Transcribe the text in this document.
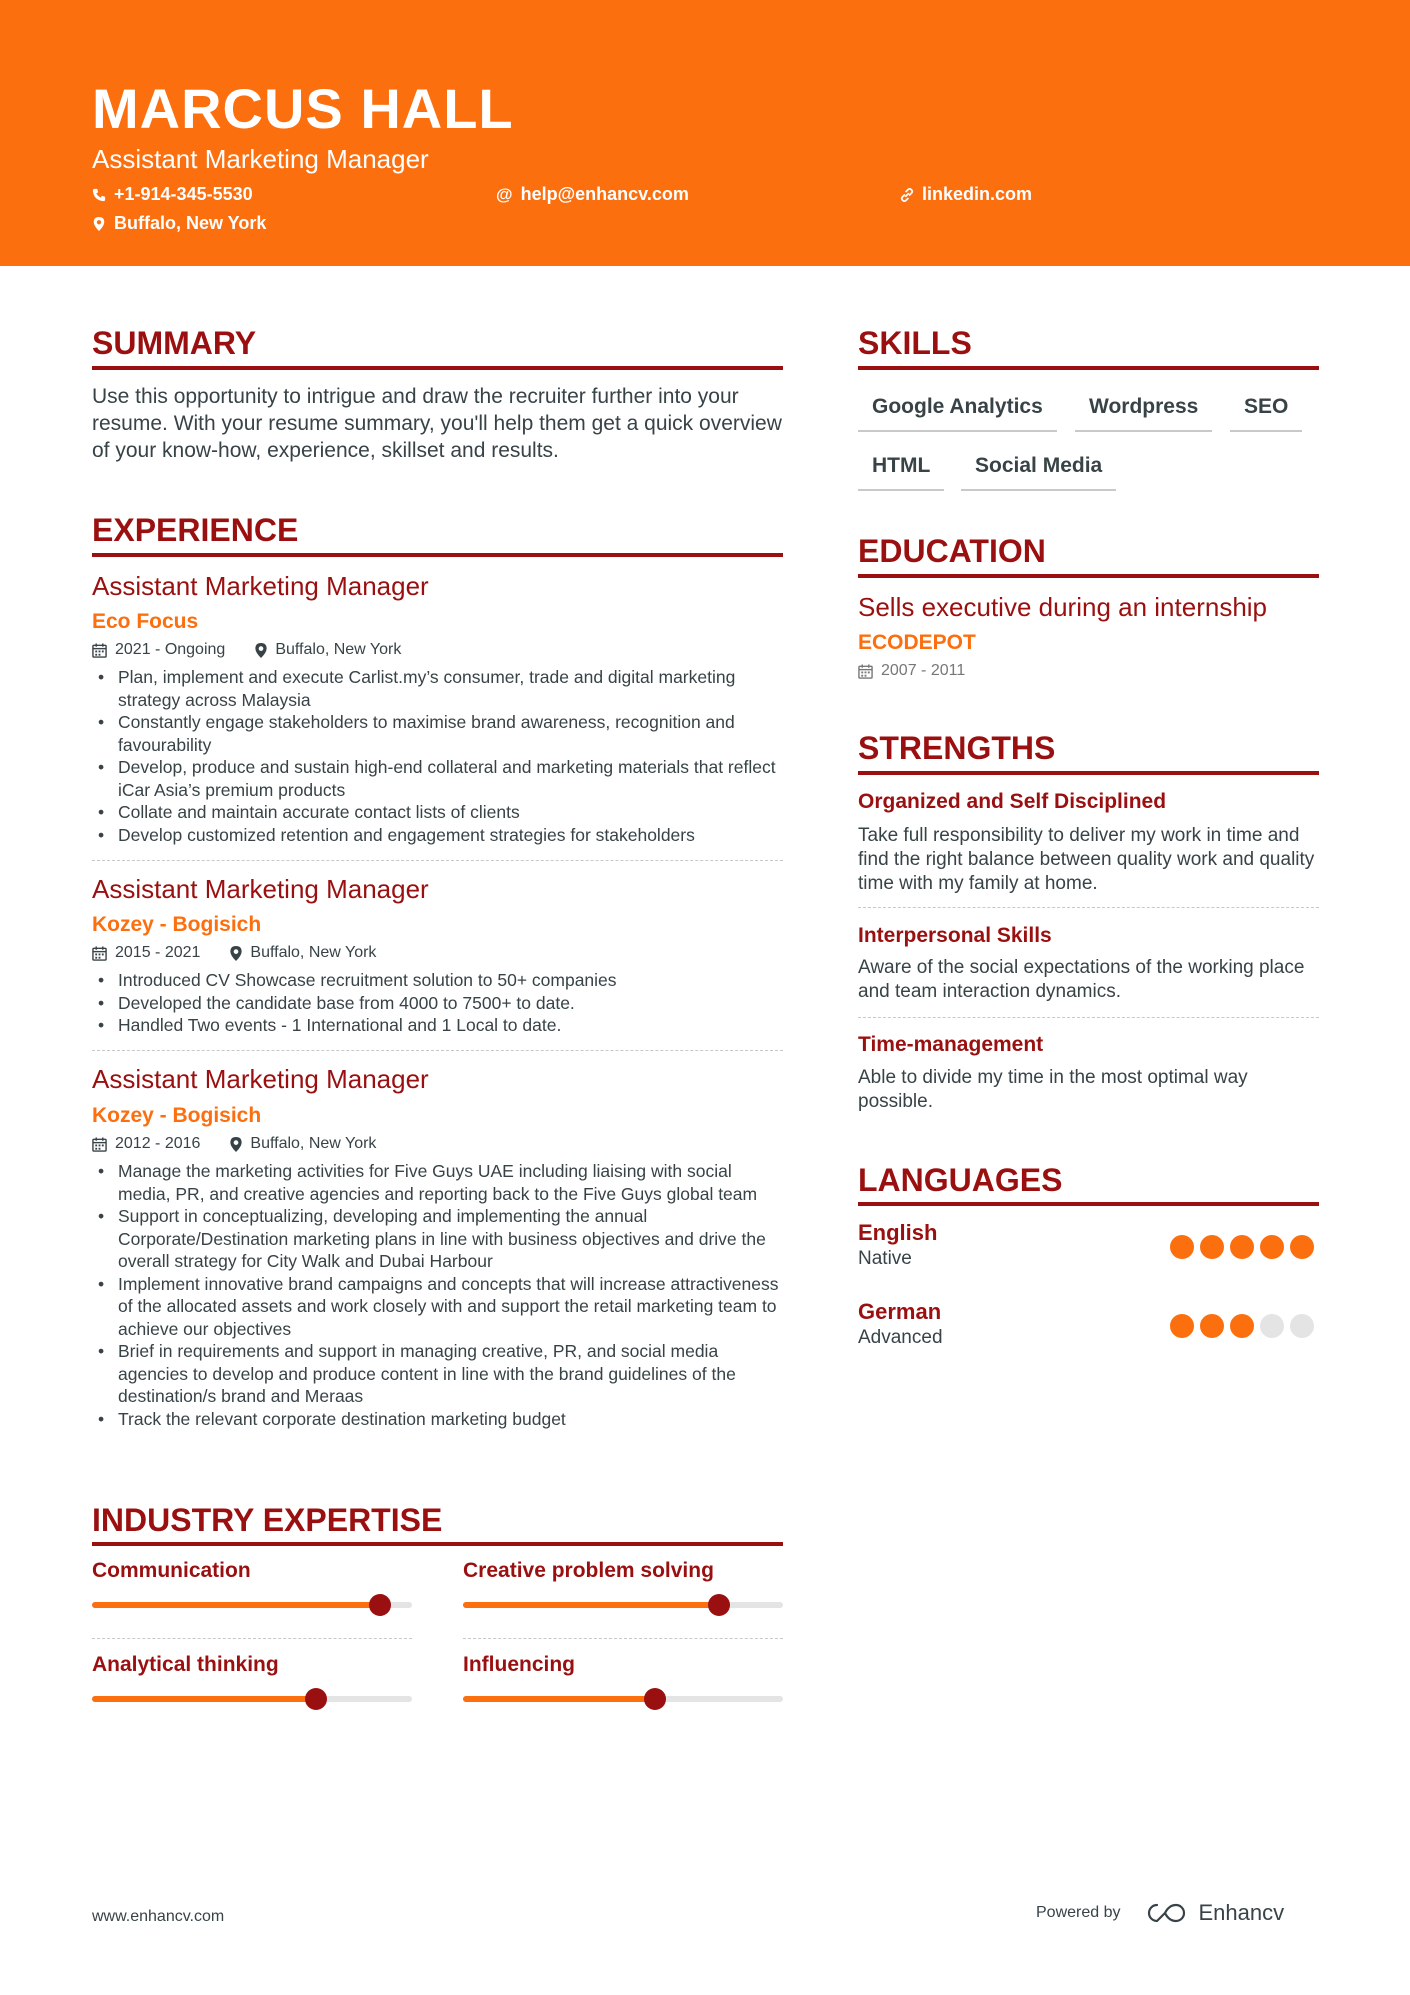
MARCUS HALL
Assistant Marketing Manager
+1-914-345-5530	@ help@enhancv.com	linkedin.com
Buffalo, New York
SUMMARY
Use this opportunity to intrigue and draw the recruiter further into your resume. With your resume summary, you'll help them get a quick overview of your know-how, experience, skillset and results.
EXPERIENCE
Assistant Marketing Manager
Eco Focus
2021 - Ongoing	Buffalo, New York
• Plan, implement and execute Carlist.my’s consumer, trade and digital marketing strategy across Malaysia
• Constantly engage stakeholders to maximise brand awareness, recognition and favourability
• Develop, produce and sustain high-end collateral and marketing materials that reflect iCar Asia’s premium products
• Collate and maintain accurate contact lists of clients
• Develop customized retention and engagement strategies for stakeholders
Assistant Marketing Manager
Kozey - Bogisich
2015 - 2021	Buffalo, New York
• Introduced CV Showcase recruitment solution to 50+ companies
• Developed the candidate base from 4000 to 7500+ to date.
• Handled Two events - 1 International and 1 Local to date.
Assistant Marketing Manager
Kozey - Bogisich
2012 - 2016	Buffalo, New York
• Manage the marketing activities for Five Guys UAE including liaising with social media, PR, and creative agencies and reporting back to the Five Guys global team
• Support in conceptualizing, developing and implementing the annual Corporate/Destination marketing plans in line with business objectives and drive the overall strategy for City Walk and Dubai Harbour
• Implement innovative brand campaigns and concepts that will increase attractiveness of the allocated assets and work closely with and support the retail marketing team to achieve our objectives
• Brief in requirements and support in managing creative, PR, and social media agencies to develop and produce content in line with the brand guidelines of the destination/s brand and Meraas
• Track the relevant corporate destination marketing budget
INDUSTRY EXPERTISE
Communication	Creative problem solving
Analytical thinking	Influencing
SKILLS
Google Analytics	Wordpress	SEO
HTML	Social Media
EDUCATION
Sells executive during an internship
ECODEPOT
2007 - 2011
STRENGTHS
Organized and Self Disciplined
Take full responsibility to deliver my work in time and find the right balance between quality work and quality time with my family at home.
Interpersonal Skills
Aware of the social expectations of the working place and team interaction dynamics.
Time-management
Able to divide my time in the most optimal way possible.
LANGUAGES
English
Native
German
Advanced
www.enhancv.com	Powered by	Enhancv
